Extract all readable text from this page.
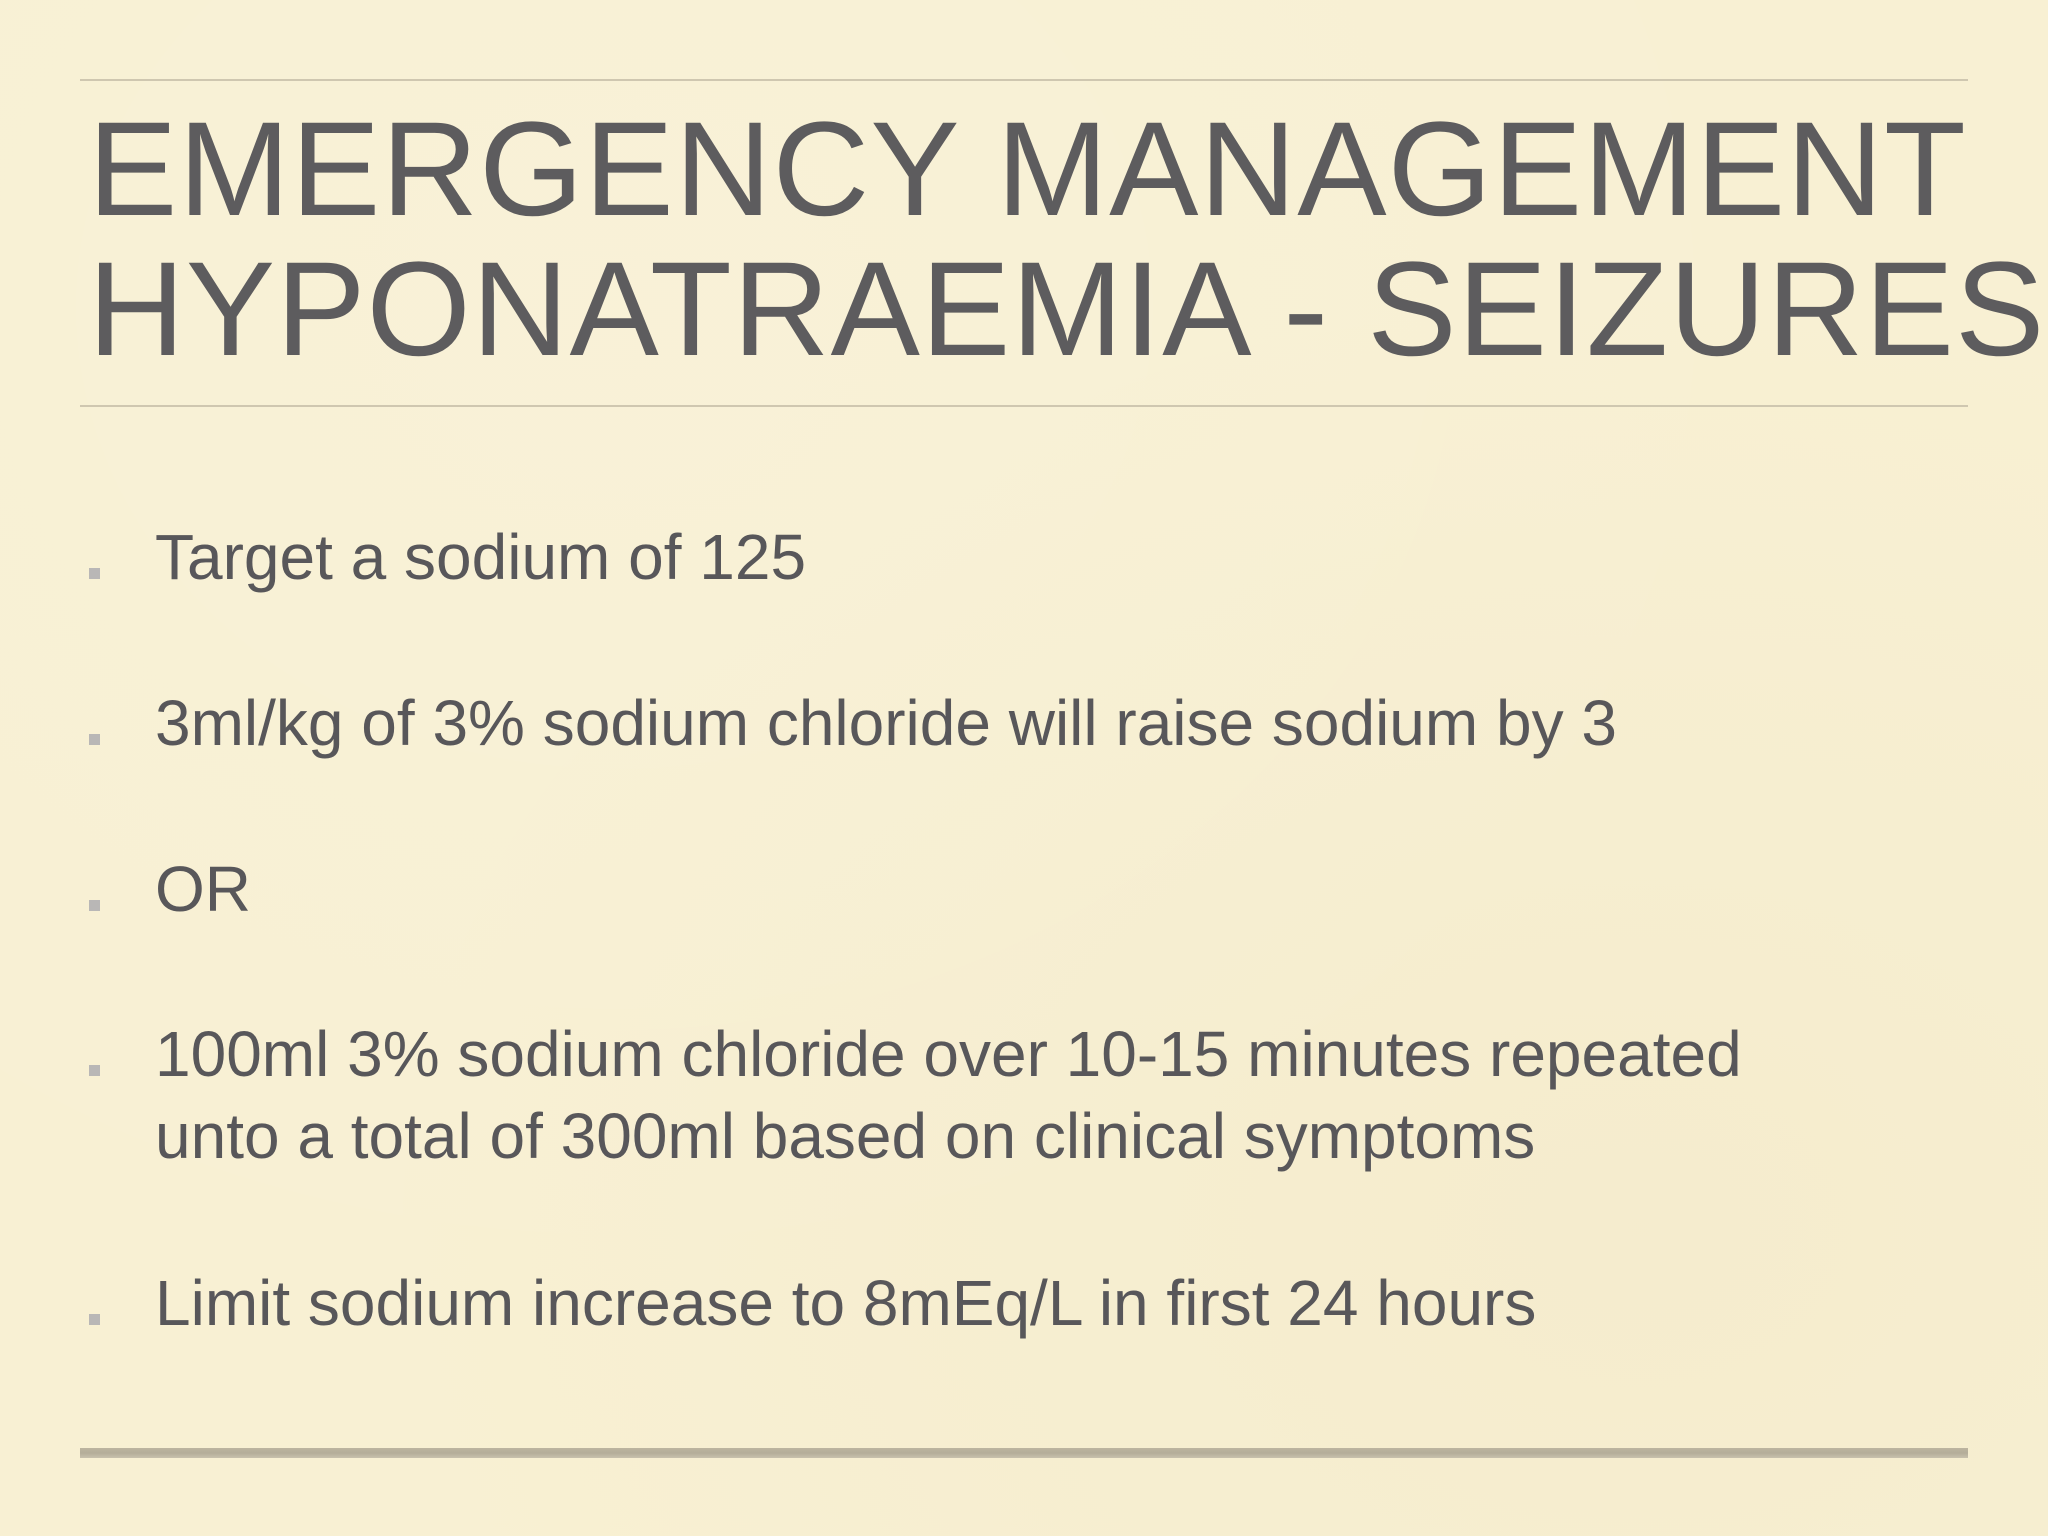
EMERGENCY MANAGEMENT
HYPONATRAEMIA - SEIZURES
Target a sodium of 125
3ml/kg of 3% sodium chloride will raise sodium by 3
OR
100ml 3% sodium chloride over 10-15 minutes repeated
unto a total of 300ml based on clinical symptoms
Limit sodium increase to 8mEq/L in first 24 hours
